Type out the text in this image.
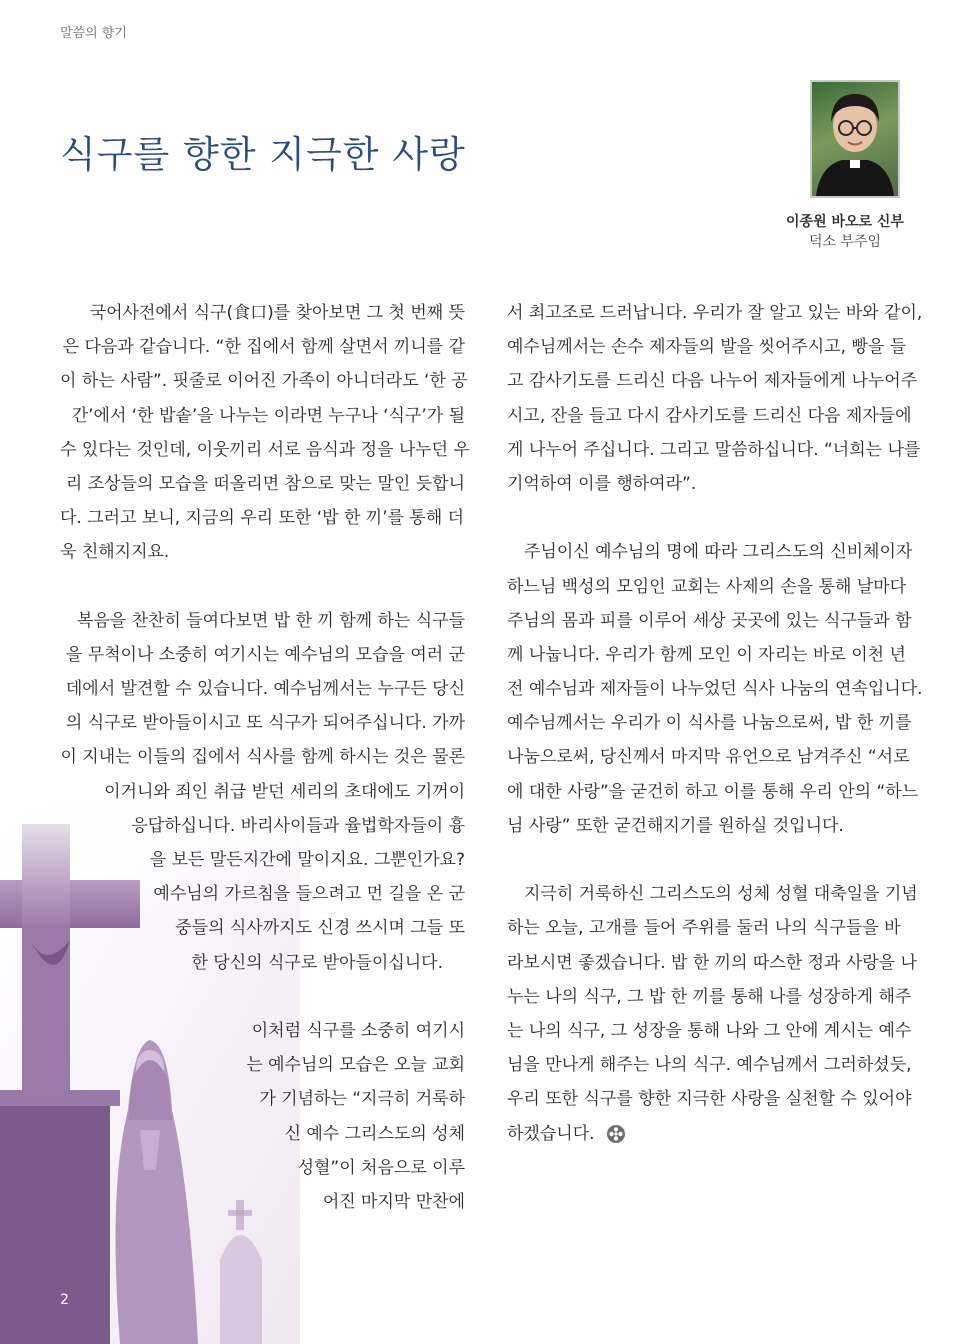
말씀의 향기
식구를 향한 지극한 사랑
이종원 바오로 신부
덕소 부주임
국어사전에서 식구(食口)를 찾아보면 그 첫 번째 뜻
은 다음과 같습니다. “한 집에서 함께 살면서 끼니를 같
이 하는 사람”. 핏줄로 이어진 가족이 아니더라도 ‘한 공
간’에서 ‘한 밥솥’을 나누는 이라면 누구나 ‘식구’가 될
수 있다는 것인데, 이웃끼리 서로 음식과 정을 나누던 우
리 조상들의 모습을 떠올리면 참으로 맞는 말인 듯합니
다. 그러고 보니, 지금의 우리 또한 ‘밥 한 끼’를 통해 더
욱 친해지지요.
복음을 찬찬히 들여다보면 밥 한 끼 함께 하는 식구들
을 무척이나 소중히 여기시는 예수님의 모습을 여러 군
데에서 발견할 수 있습니다. 예수님께서는 누구든 당신
의 식구로 받아들이시고 또 식구가 되어주십니다. 가까
이 지내는 이들의 집에서 식사를 함께 하시는 것은 물론
이거니와 죄인 취급 받던 세리의 초대에도 기꺼이
응답하십니다. 바리사이들과 율법학자들이 흉
을 보든 말든지간에 말이지요. 그뿐인가요?
예수님의 가르침을 들으려고 먼 길을 온 군
중들의 식사까지도 신경 쓰시며 그들 또
한 당신의 식구로 받아들이십니다.
이처럼 식구를 소중히 여기시
는 예수님의 모습은 오늘 교회
가 기념하는 “지극히 거룩하
신 예수 그리스도의 성체
성혈”이 처음으로 이루
어진 마지막 만찬에
서 최고조로 드러납니다. 우리가 잘 알고 있는 바와 같이,
예수님께서는 손수 제자들의 발을 씻어주시고, 빵을 들
고 감사기도를 드리신 다음 나누어 제자들에게 나누어주
시고, 잔을 들고 다시 감사기도를 드리신 다음 제자들에
게 나누어 주십니다. 그리고 말씀하십니다. “너희는 나를
기억하여 이를 행하여라”.
주님이신 예수님의 명에 따라 그리스도의 신비체이자
하느님 백성의 모임인 교회는 사제의 손을 통해 날마다
주님의 몸과 피를 이루어 세상 곳곳에 있는 식구들과 함
께 나눕니다. 우리가 함께 모인 이 자리는 바로 이천 년
전 예수님과 제자들이 나누었던 식사 나눔의 연속입니다.
예수님께서는 우리가 이 식사를 나눔으로써, 밥 한 끼를
나눔으로써, 당신께서 마지막 유언으로 남겨주신 “서로
에 대한 사랑”을 굳건히 하고 이를 통해 우리 안의 “하느
님 사랑” 또한 굳건해지기를 원하실 것입니다.
지극히 거룩하신 그리스도의 성체 성혈 대축일을 기념
하는 오늘, 고개를 들어 주위를 둘러 나의 식구들을 바
라보시면 좋겠습니다. 밥 한 끼의 따스한 정과 사랑을 나
누는 나의 식구, 그 밥 한 끼를 통해 나를 성장하게 해주
는 나의 식구, 그 성장을 통해 나와 그 안에 계시는 예수
님을 만나게 해주는 나의 식구. 예수님께서 그러하셨듯,
우리 또한 식구를 향한 지극한 사랑을 실천할 수 있어야
하겠습니다.
2
